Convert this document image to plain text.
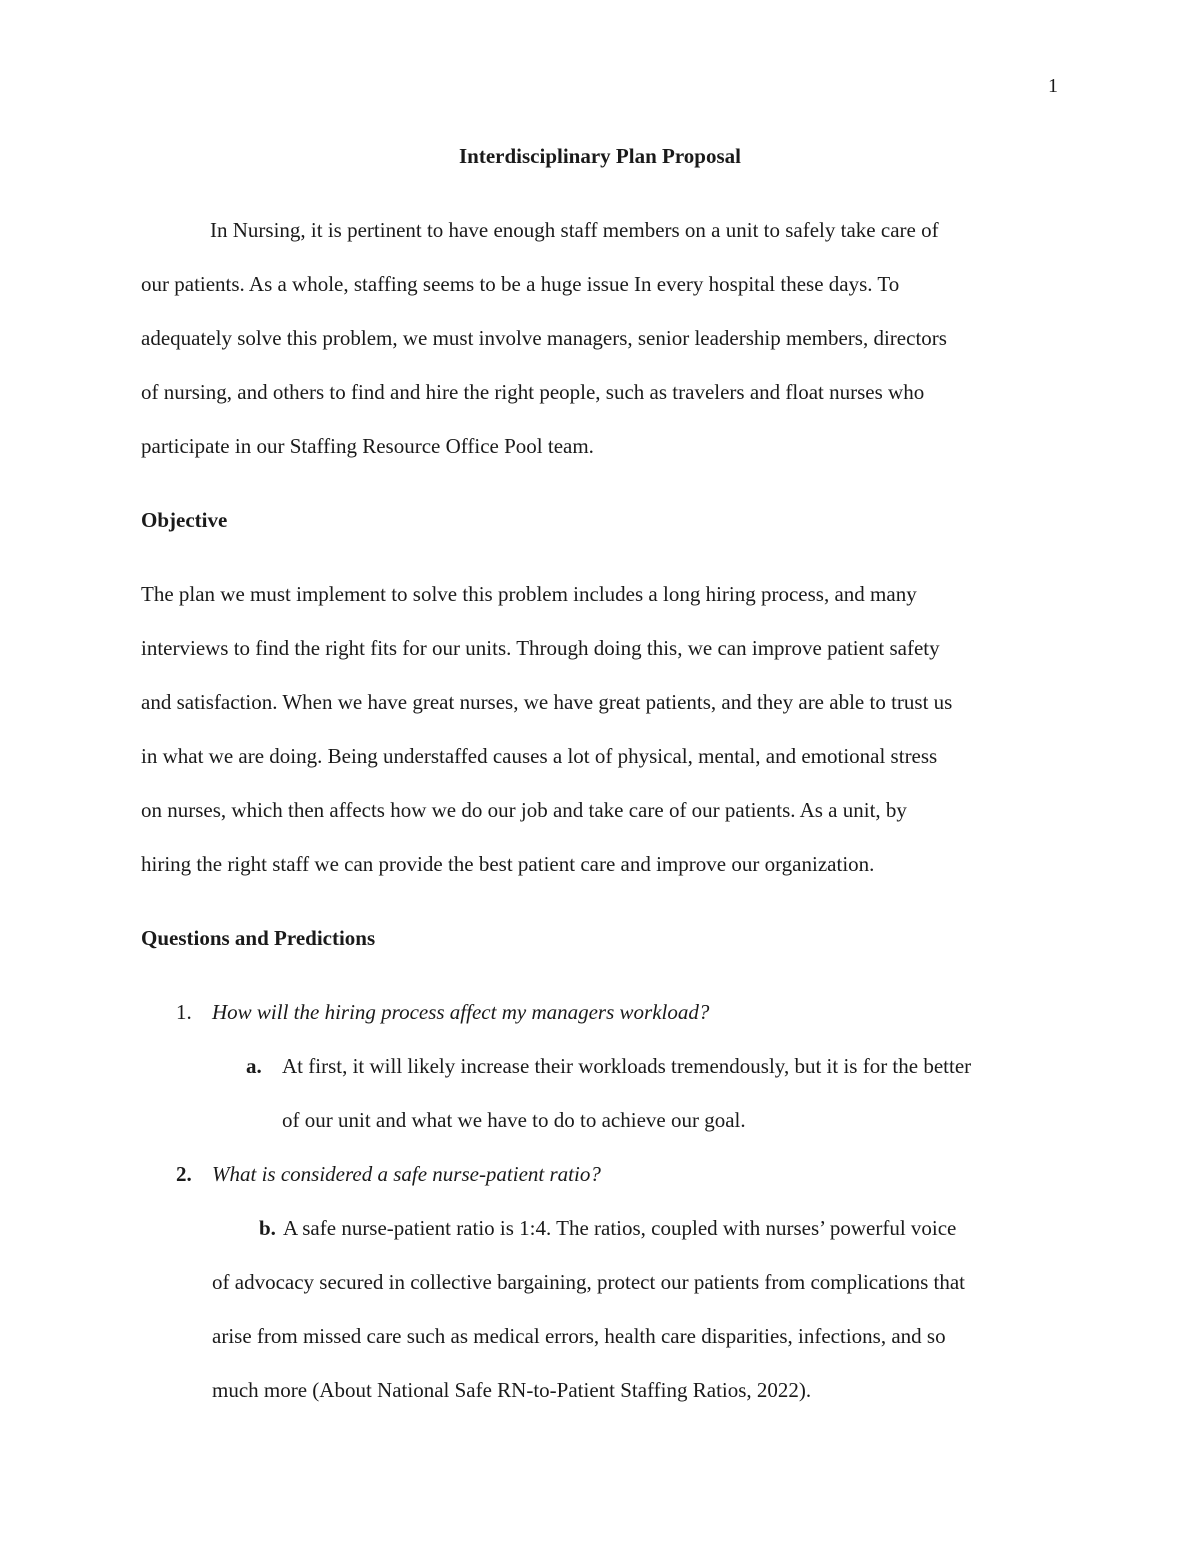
1
Interdisciplinary Plan Proposal
In Nursing, it is pertinent to have enough staff members on a unit to safely take care of
our patients. As a whole, staffing seems to be a huge issue In every hospital these days. To
adequately solve this problem, we must involve managers, senior leadership members, directors
of nursing, and others to find and hire the right people, such as travelers and float nurses who
participate in our Staffing Resource Office Pool team.
Objective
The plan we must implement to solve this problem includes a long hiring process, and many
interviews to find the right fits for our units. Through doing this, we can improve patient safety
and satisfaction. When we have great nurses, we have great patients, and they are able to trust us
in what we are doing. Being understaffed causes a lot of physical, mental, and emotional stress
on nurses, which then affects how we do our job and take care of our patients. As a unit, by
hiring the right staff we can provide the best patient care and improve our organization.
Questions and Predictions
1. How will the hiring process affect my managers workload?
a. At first, it will likely increase their workloads tremendously, but it is for the better
of our unit and what we have to do to achieve our goal.
2. What is considered a safe nurse-patient ratio?
b. A safe nurse-patient ratio is 1:4. The ratios, coupled with nurses’ powerful voice
of advocacy secured in collective bargaining, protect our patients from complications that
arise from missed care such as medical errors, health care disparities, infections, and so
much more (About National Safe RN-to-Patient Staffing Ratios, 2022).
